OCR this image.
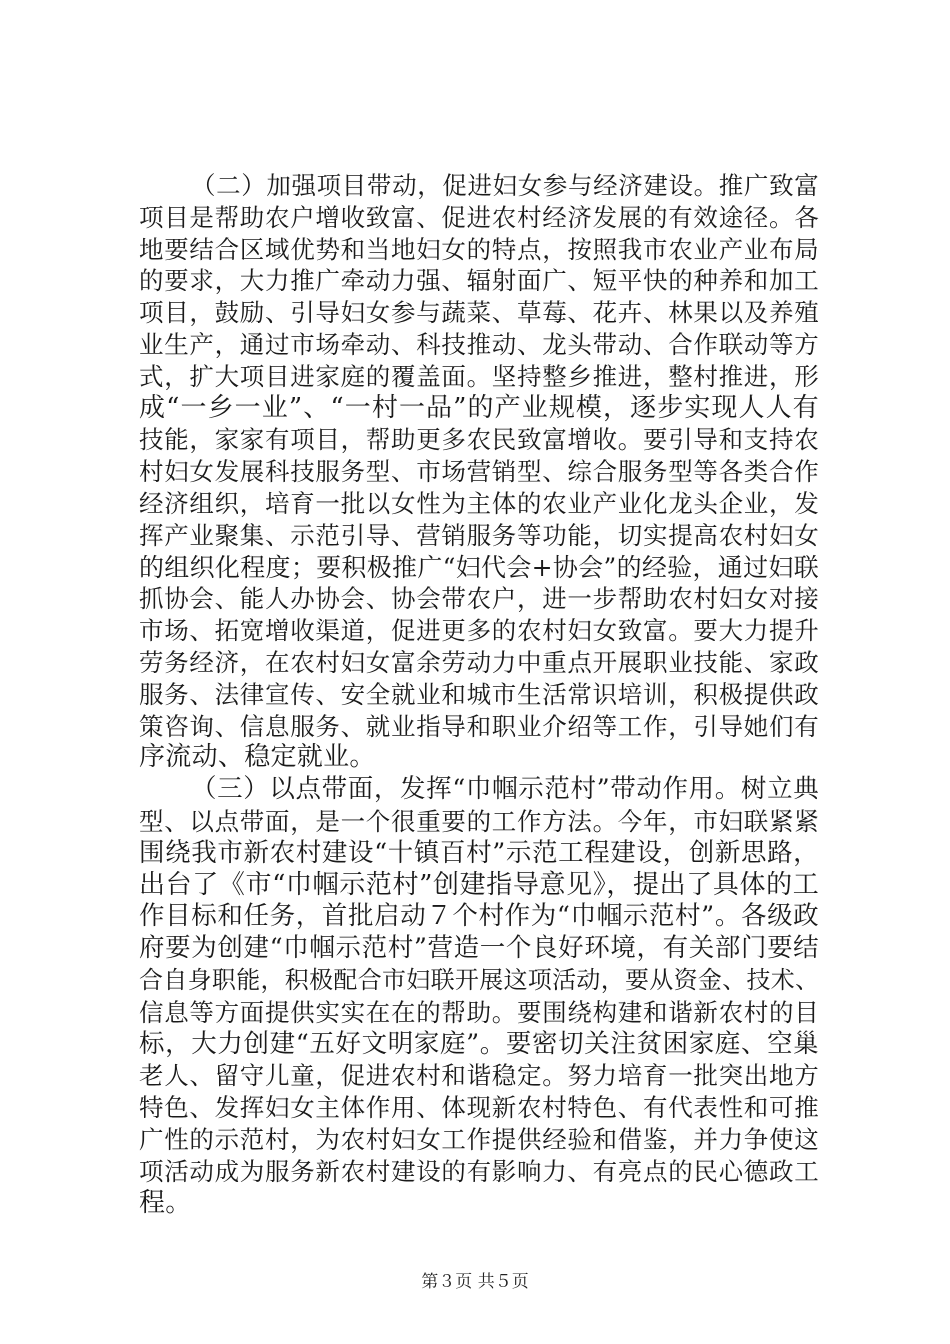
（二）加强项目带动，促进妇女参与经济建设。推广致富
项目是帮助农户增收致富、促进农村经济发展的有效途径。各
地要结合区域优势和当地妇女的特点，按照我市农业产业布局
的要求，大力推广牵动力强、辐射面广、短平快的种养和加工
项目，鼓励、引导妇女参与蔬菜、草莓、花卉、林果以及养殖
业生产，通过市场牵动、科技推动、龙头带动、合作联动等方
式，扩大项目进家庭的覆盖面。坚持整乡推进，整村推进，形
成“一乡一业”、“一村一品”的产业规模，逐步实现人人有
技能，家家有项目，帮助更多农民致富增收。要引导和支持农
村妇女发展科技服务型、市场营销型、综合服务型等各类合作
经济组织，培育一批以女性为主体的农业产业化龙头企业，发
挥产业聚集、示范引导、营销服务等功能，切实提高农村妇女
的组织化程度；要积极推广“妇代会+协会”的经验，通过妇联
抓协会、能人办协会、协会带农户，进一步帮助农村妇女对接
市场、拓宽增收渠道，促进更多的农村妇女致富。要大力提升
劳务经济，在农村妇女富余劳动力中重点开展职业技能、家政
服务、法律宣传、安全就业和城市生活常识培训，积极提供政
策咨询、信息服务、就业指导和职业介绍等工作，引导她们有
序流动、稳定就业。
（三）以点带面，发挥“巾帼示范村”带动作用。树立典
型、以点带面，是一个很重要的工作方法。今年，市妇联紧紧
围绕我市新农村建设“十镇百村”示范工程建设，创新思路，
出台了《市“巾帼示范村”创建指导意见》，提出了具体的工
作目标和任务，首批启动７个村作为“巾帼示范村”。各级政
府要为创建“巾帼示范村”营造一个良好环境，有关部门要结
合自身职能，积极配合市妇联开展这项活动，要从资金、技术、
信息等方面提供实实在在的帮助。要围绕构建和谐新农村的目
标，大力创建“五好文明家庭”。要密切关注贫困家庭、空巢
老人、留守儿童，促进农村和谐稳定。努力培育一批突出地方
特色、发挥妇女主体作用、体现新农村特色、有代表性和可推
广性的示范村，为农村妇女工作提供经验和借鉴，并力争使这
项活动成为服务新农村建设的有影响力、有亮点的民心德政工
程。
第３页 共５页
